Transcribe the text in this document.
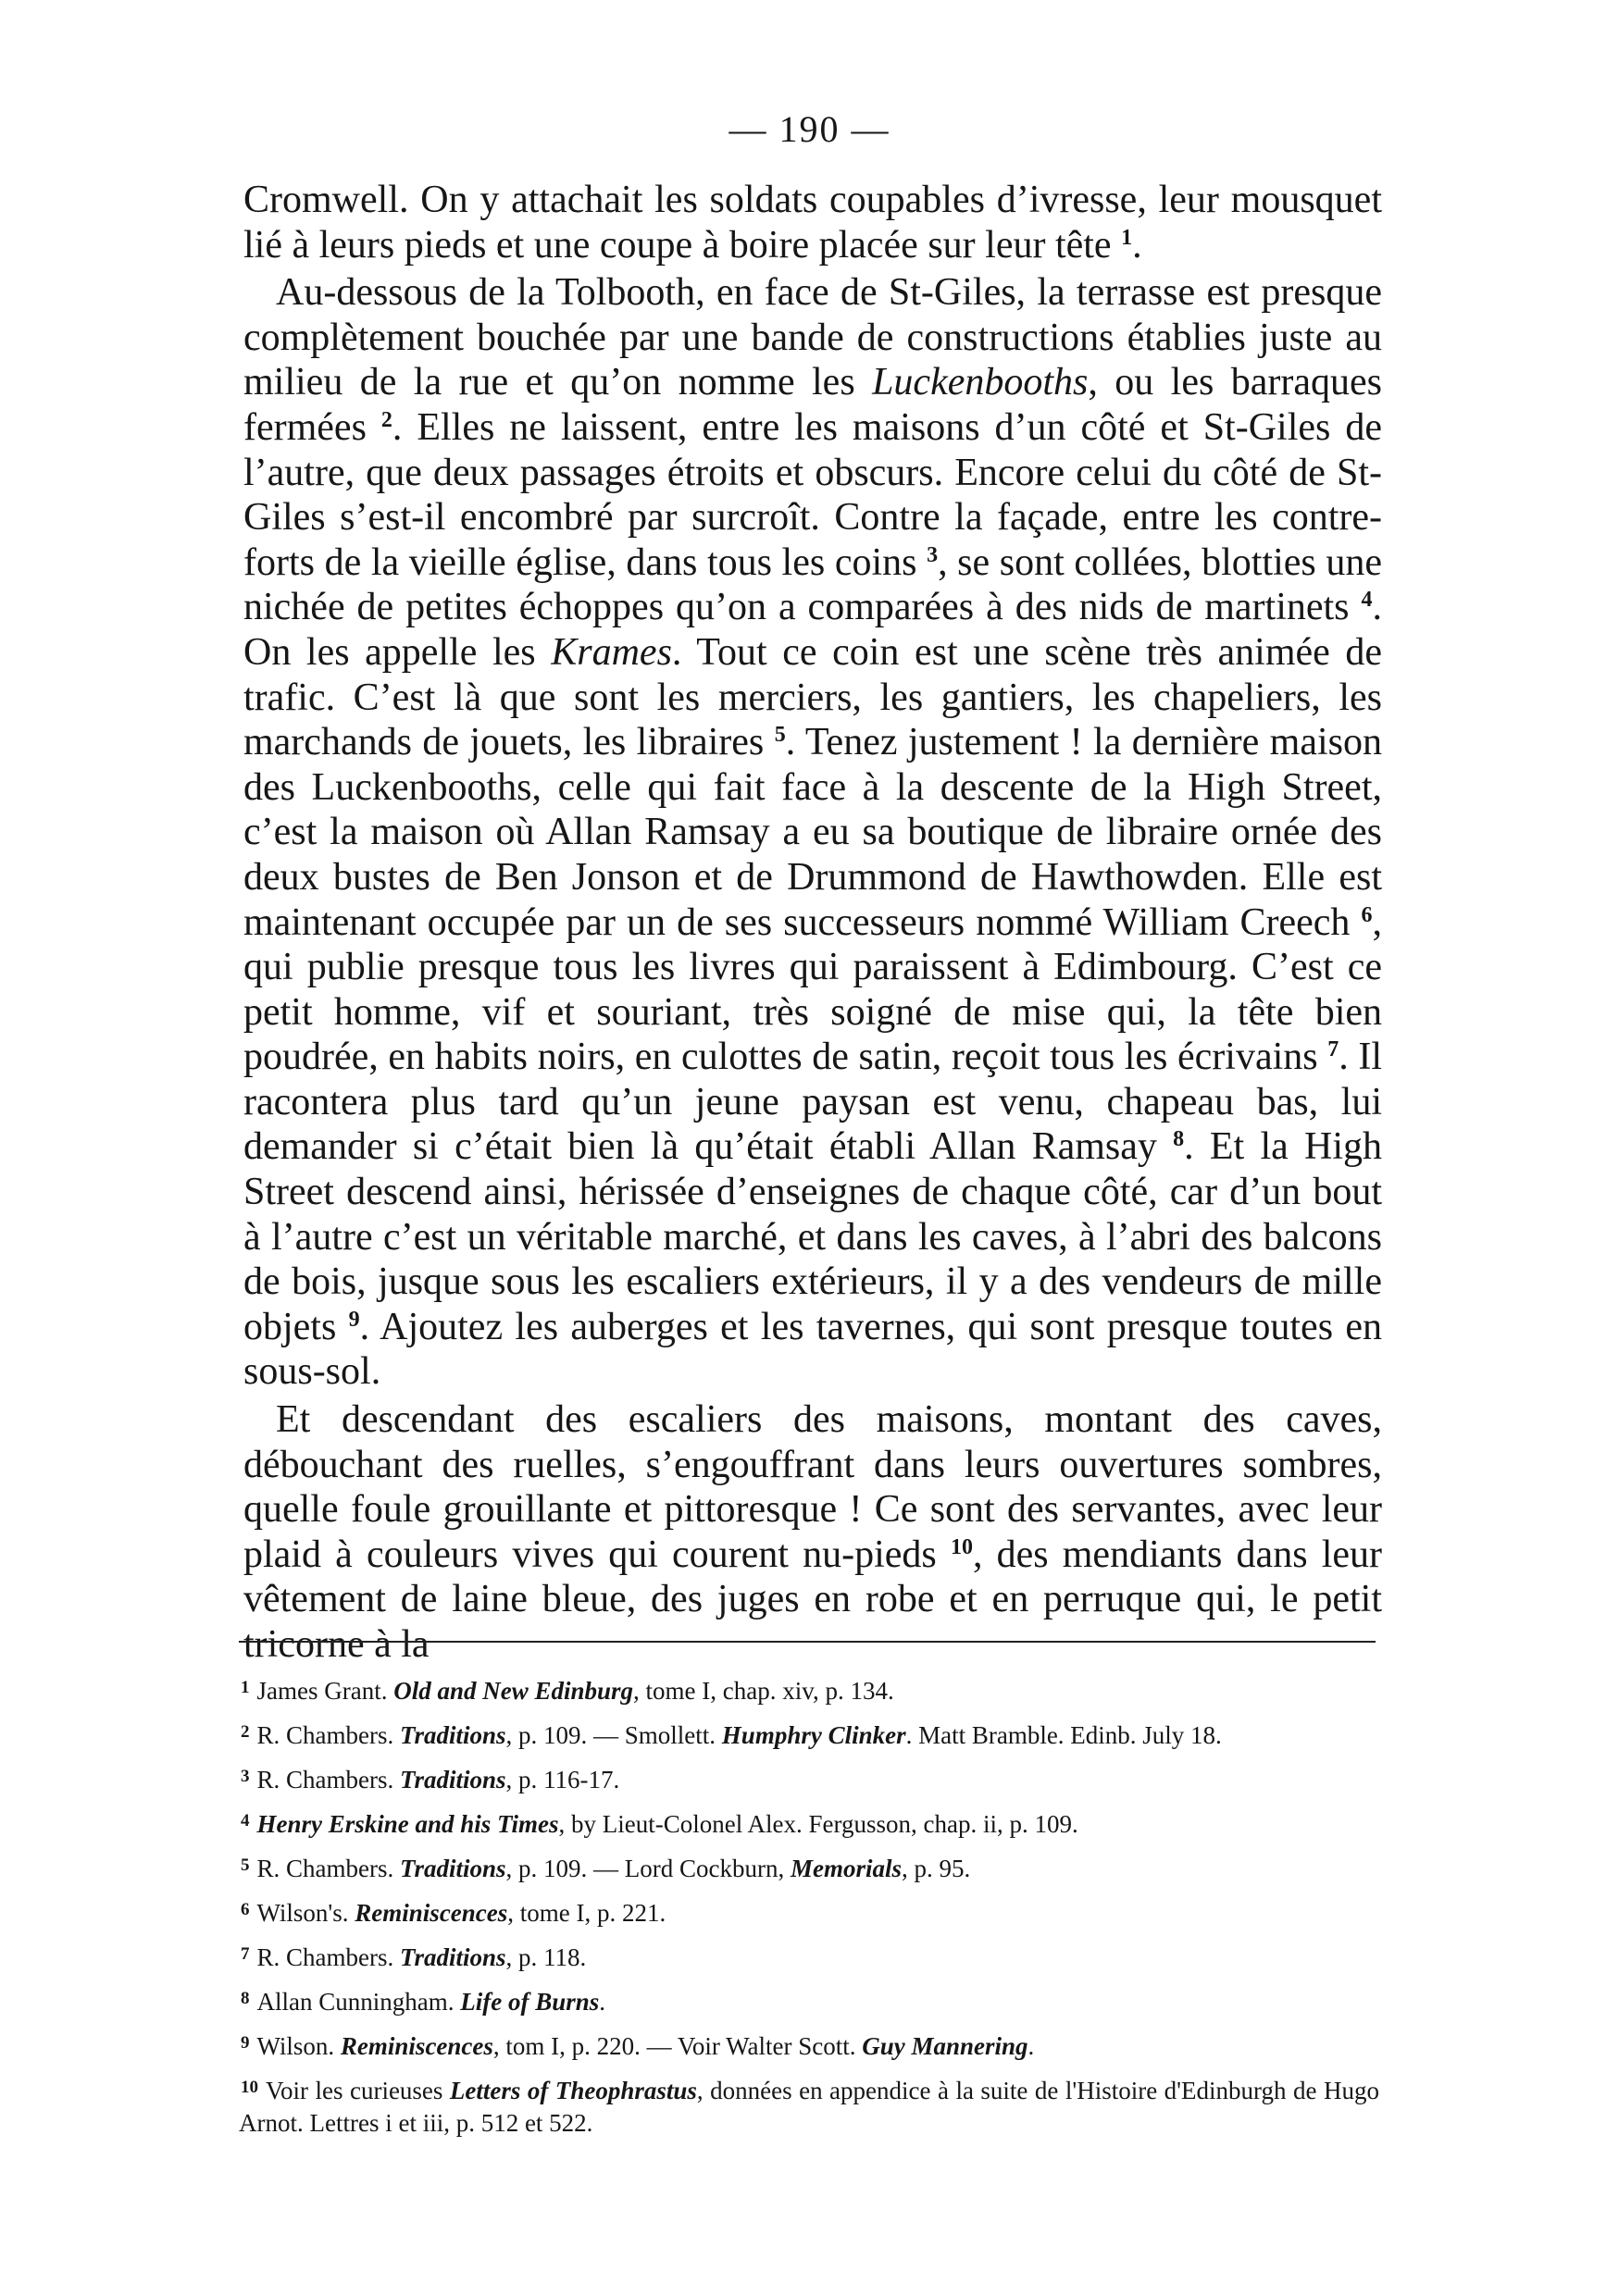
— 190 —

Cromwell. On y attachait les soldats coupables d’ivresse, leur mousquet lié à leurs pieds et une coupe à boire placée sur leur tête $^1$.

Au-dessous de la Tolbooth, en face de St-Giles, la terrasse est presque complètement bouchée par une bande de constructions établies juste au milieu de la rue et qu’on nomme les Luckenbooths, ou les barraques fermées $^2$. Elles ne laissent, entre les maisons d’un côté et St-Giles de l’autre, que deux passages étroits et obscurs. Encore celui du côté de St-Giles s’est-il encombré par surcroît. Contre la façade, entre les contre-forts de la vieille église, dans tous les coins $^3$, se sont collées, blotties une nichée de petites échoppes qu’on a comparées à des nids de martinets $^4$. On les appelle les Krames. Tout ce coin est une scène très animée de trafic. C’est là que sont les merciers, les gantiers, les chapeliers, les marchands de jouets, les libraires $^5$. Tenez justement ! la dernière maison des Luckenbooths, celle qui fait face à la descente de la High Street, c’est la maison où Allan Ramsay a eu sa boutique de libraire ornée des deux bustes de Ben Jonson et de Drummond de Hawthowden. Elle est maintenant occupée par un de ses successeurs nommé William Creech $^6$, qui publie presque tous les livres qui paraissent à Edimbourg. C’est ce petit homme, vif et souriant, très soigné de mise qui, la tête bien poudrée, en habits noirs, en culottes de satin, reçoit tous les écrivains $^7$. Il racontera plus tard qu’un jeune paysan est venu, chapeau bas, lui demander si c’était bien là qu’était établi Allan Ramsay $^8$. Et la High Street descend ainsi, hérissée d’enseignes de chaque côté, car d’un bout à l’autre c’est un véritable marché, et dans les caves, à l’abri des balcons de bois, jusque sous les escaliers extérieurs, il y a des vendeurs de mille objets $^9$. Ajoutez les auberges et les tavernes, qui sont presque toutes en sous-sol.

Et descendant des escaliers des maisons, montant des caves, débouchant des ruelles, s’engouffrant dans leurs ouvertures sombres, quelle foule grouillante et pittoresque ! Ce sont des servantes, avec leur plaid à couleurs vives qui courent nu-pieds $^{10}$, des mendiants dans leur vêtement de laine bleue, des juges en robe et en perruque qui, le petit tricorne à la

$^1$ James Grant. Old and New Edinburg, tome I, chap. xiv, p. 134.
$^2$ R. Chambers. Traditions, p. 109. — Smollett. Humphry Clinker. Matt Bramble. Edinb. July 18.
$^3$ R. Chambers. Traditions, p. 116-17.
$^4$ Henry Erskine and his Times, by Lieut-Colonel Alex. Fergusson, chap. ii, p. 109.
$^5$ R. Chambers. Traditions, p. 109. — Lord Cockburn, Memorials, p. 95.
$^6$ Wilson's. Reminiscences, tome I, p. 221.
$^7$ R. Chambers. Traditions, p. 118.
$^8$ Allan Cunningham. Life of Burns.
$^9$ Wilson. Reminiscences, tom I, p. 220. — Voir Walter Scott. Guy Mannering.
$^{10}$ Voir les curieuses Letters of Theophrastus, données en appendice à la suite de l'Histoire d'Edinburgh de Hugo Arnot. Lettres i et iii, p. 512 et 522.
